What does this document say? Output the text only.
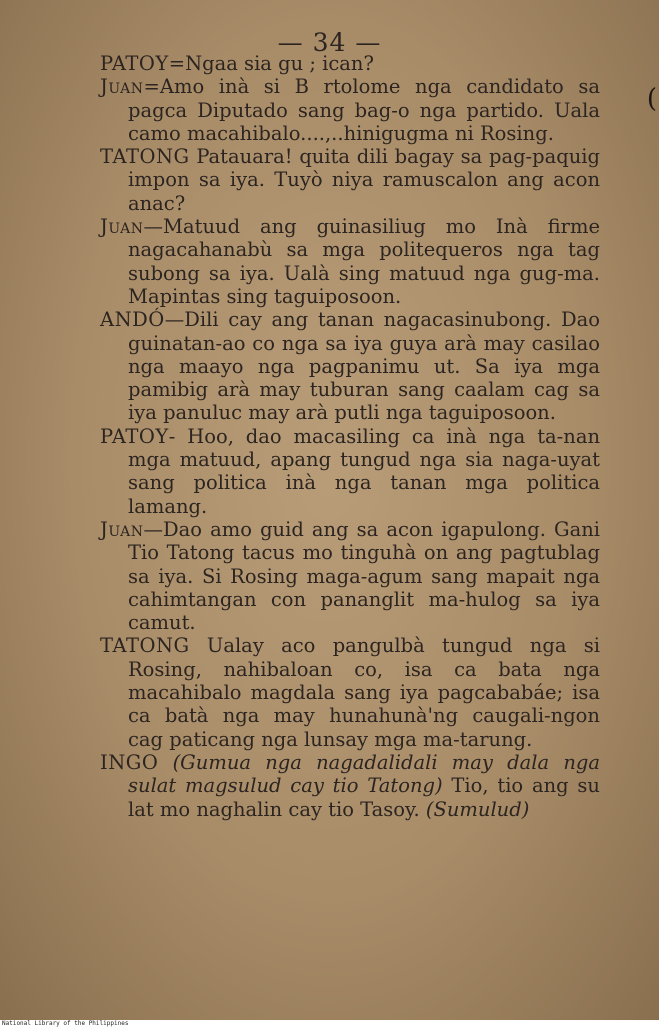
— 34 —
(

PATOY=Ngaa sia gu ; ican?

Juan=Amo inà si B rtolome nga candidato sa pagca Diputado sang bag-o nga partido. Uala camo macahibalo....,..hinigugma ni Rosing.

TATONG Patauara! quita dili bagay sa pag-paquig impon sa iya. Tuyò niya ramuscalon ang acon anac?

Juan—Matuud ang guinasiliug mo Inà firme nagacahanabù sa mga politequeros nga tag subong sa iya. Ualà sing matuud nga gug-ma. Mapintas sing taguiposoon.

ANDÓ—Dili cay ang tanan nagacasinubong. Dao guinatan-ao co nga sa iya guya arà may casilao nga maayo nga pagpanimu ut. Sa iya mga pamibig arà may tuburan sang caalam cag sa iya panuluc may arà putli nga taguiposoon.

PATOY- Hoo, dao macasiling ca inà nga ta-nan mga matuud, apang tungud nga sia naga-uyat sang politica inà nga tanan mga politica lamang.

Juan—Dao amo guid ang sa acon igapulong. Gani Tio Tatong tacus mo tinguhà on ang pagtublag sa iya. Si Rosing maga-agum sang mapait nga cahimtangan con pananglit ma-hulog sa iya camut.

TATONG Ualay aco pangulbà tungud nga si Rosing, nahibaloan co, isa ca bata nga macahibalo magdala sang iya pagcababáe; isa ca batà nga may hunahunà'ng caugali-ngon cag paticang nga lunsay mga ma-tarung.

INGO (Gumua nga nagadalidali may dala nga sulat magsulud cay tio Tatong) Tio, tio ang su lat mo naghalin cay tio Tasoy. (Sumulud)

National Library of the Philippines
